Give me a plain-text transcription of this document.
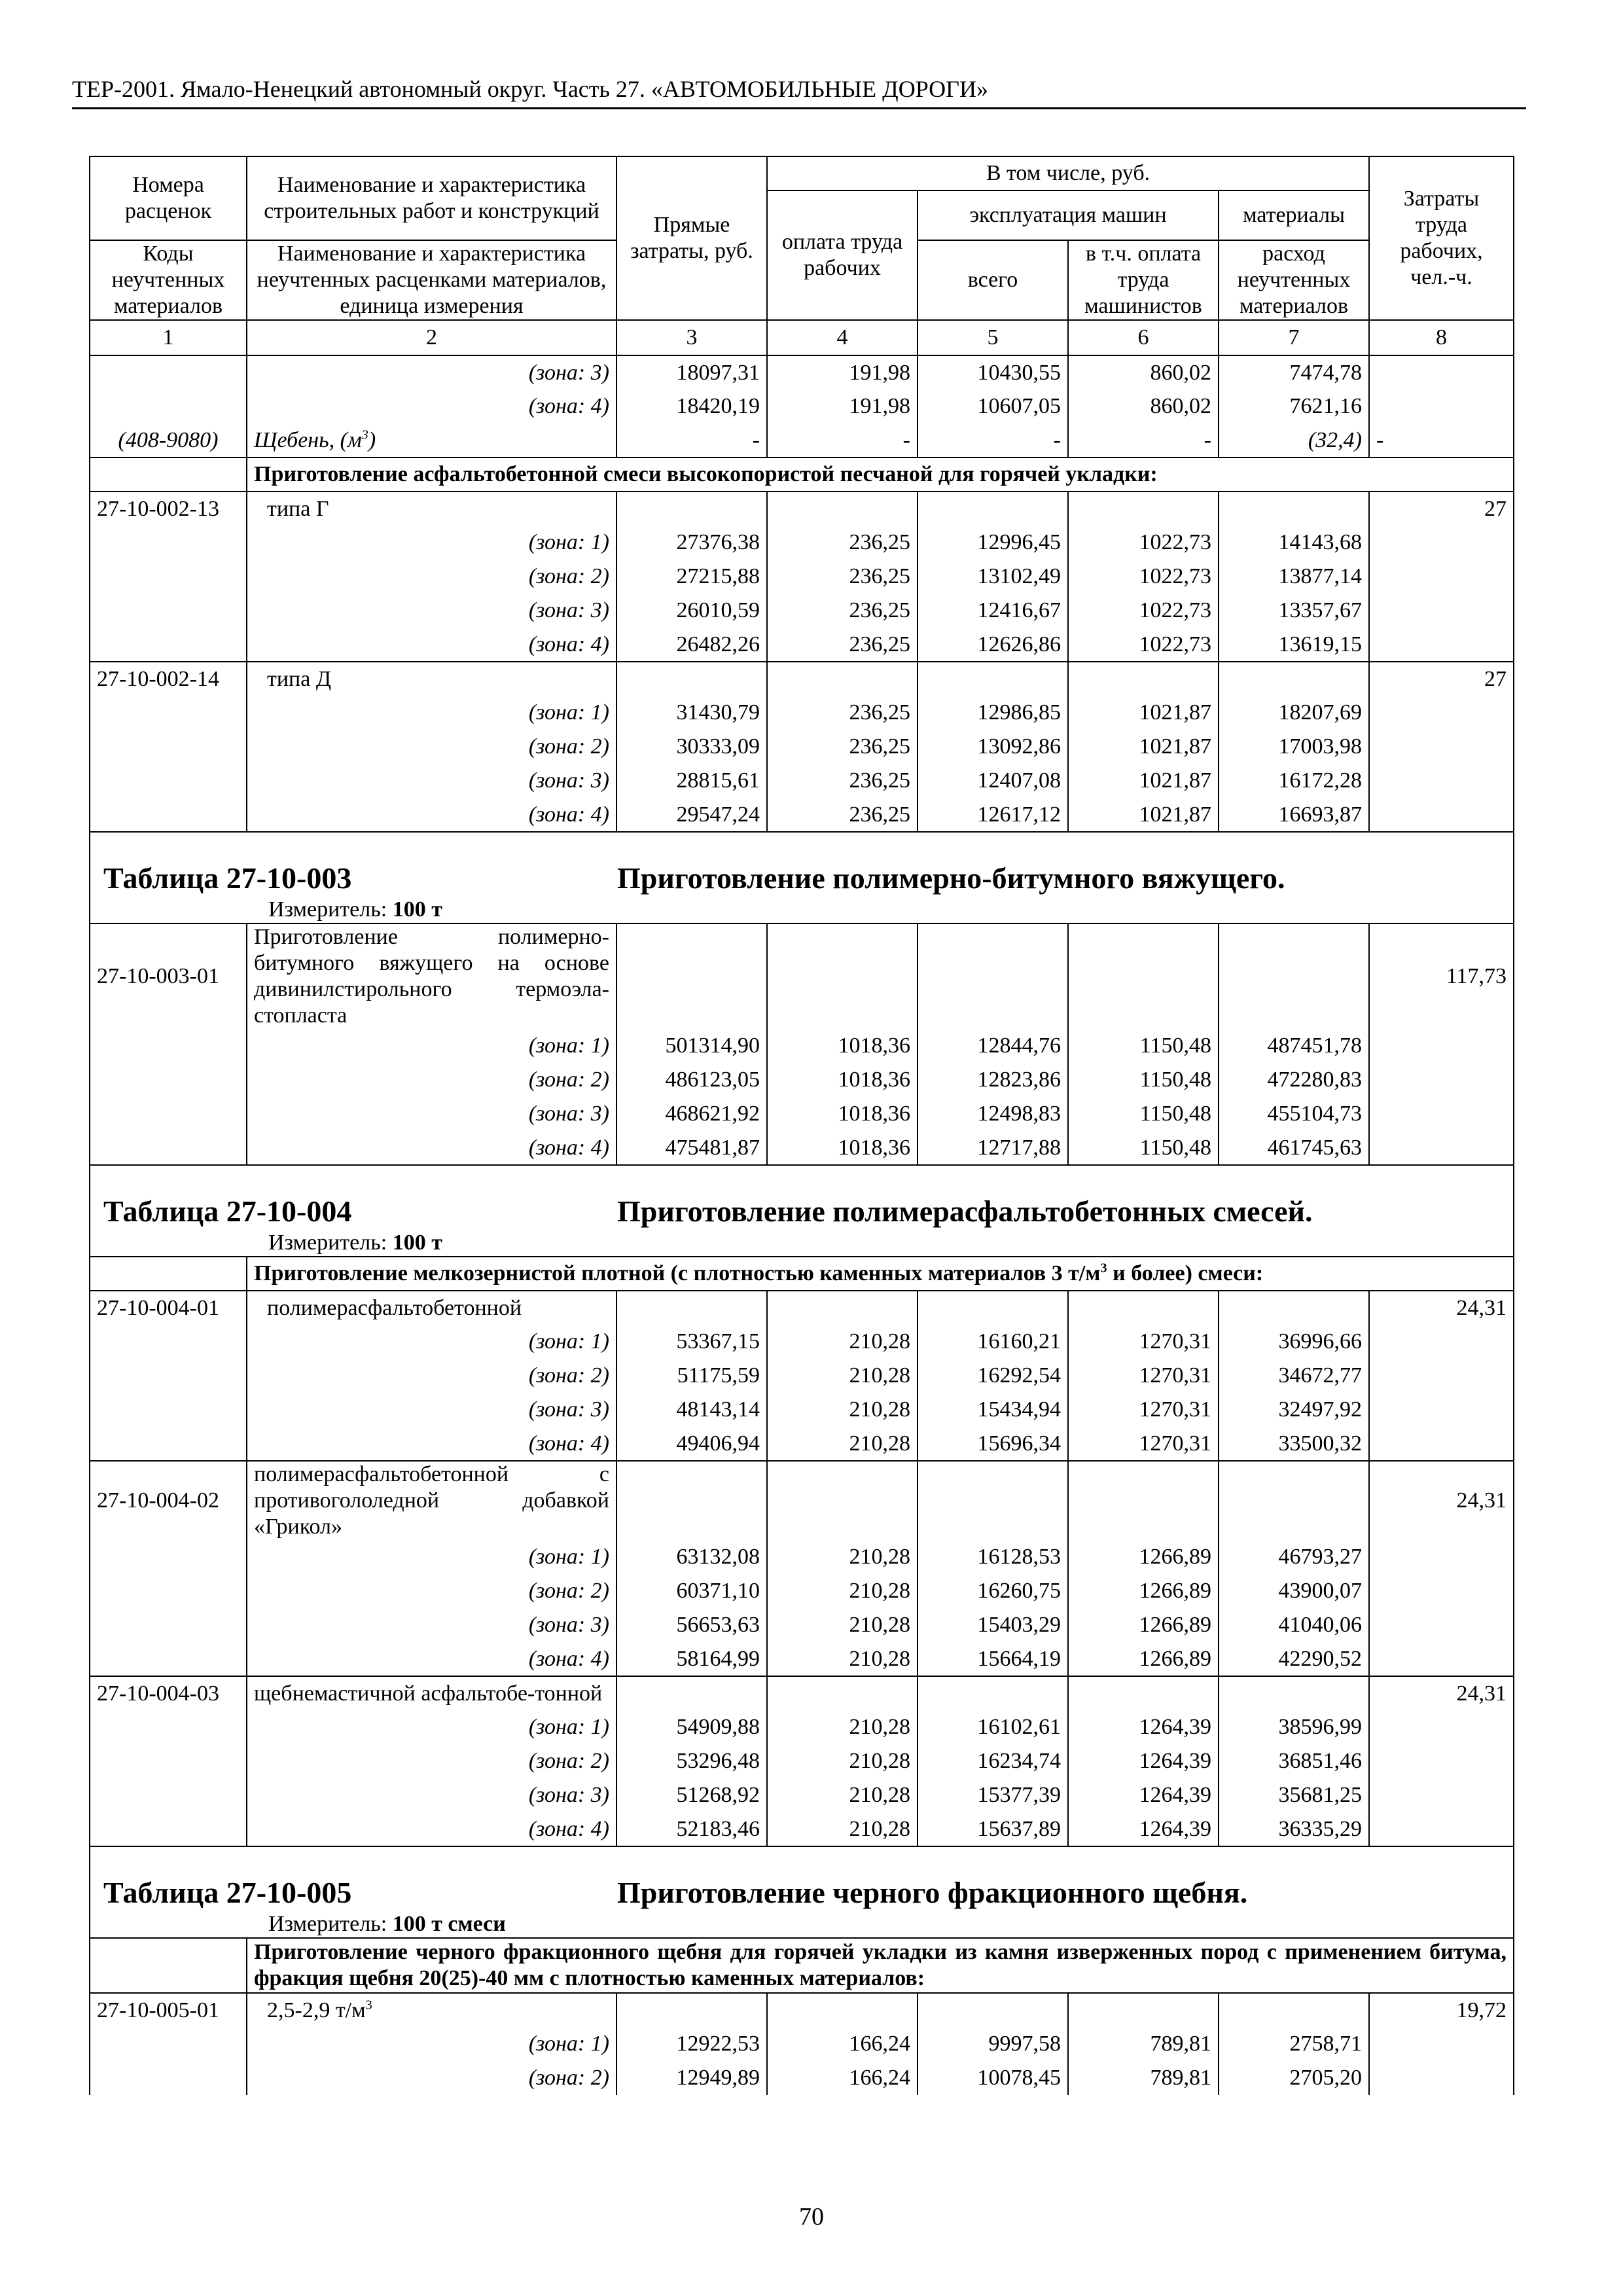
ТЕР-2001. Ямало-Ненецкий автономный округ. Часть 27. «АВТОМОБИЛЬНЫЕ ДОРОГИ»
Номера расценок	Наименование и характеристика строительных работ и конструкций	Прямые затраты, руб.	В том числе, руб.				Затраты труда рабочих, чел.-ч.
			оплата труда рабочих	эксплуатация машин		материалы	
Коды неучтенных материалов	Наименование и характеристика неучтенных расценками материалов, единица измерения			всего	в т.ч. оплата труда машинистов	расход неучтенных материалов	
1	2	3	4	5	6	7	8
	(зона: 3)	18097,31	191,98	10430,55	860,02	7474,78	
	(зона: 4)	18420,19	191,98	10607,05	860,02	7621,16	
(408-9080)	Щебень, $(м^3)$	-	-	-	-	(32,4)	-
	Приготовление асфальтобетонной смеси высокопористой песчаной для горячей укладки:						
27-10-002-13	типа Г						27
	(зона: 1)	27376,38	236,25	12996,45	1022,73	14143,68	
	(зона: 2)	27215,88	236,25	13102,49	1022,73	13877,14	
	(зона: 3)	26010,59	236,25	12416,67	1022,73	13357,67	
	(зона: 4)	26482,26	236,25	12626,86	1022,73	13619,15	
27-10-002-14	типа Д						27
	(зона: 1)	31430,79	236,25	12986,85	1021,87	18207,69	
	(зона: 2)	30333,09	236,25	13092,86	1021,87	17003,98	
	(зона: 3)	28815,61	236,25	12407,08	1021,87	16172,28	
	(зона: 4)	29547,24	236,25	12617,12	1021,87	16693,87	

Таблица 27-10-003 Приготовление полимерно-битумного вяжущего.
Измеритель: 100 т							

27-10-003-01	Приготовление полимерно-битумного вяжущего на основе дивинилстирольного термоэла-стопласта						117,73
	(зона: 1)	501314,90	1018,36	12844,76	1150,48	487451,78	
	(зона: 2)	486123,05	1018,36	12823,86	1150,48	472280,83	
	(зона: 3)	468621,92	1018,36	12498,83	1150,48	455104,73	
	(зона: 4)	475481,87	1018,36	12717,88	1150,48	461745,63	

Таблица 27-10-004 Приготовление полимерасфальтобетонных смесей.
Измеритель: 100 т							

	Приготовление мелкозернистой плотной (с плотностью каменных материалов 3 $т/м^3$ и более) смеси:						
27-10-004-01	полимерасфальтобетонной						24,31
	(зона: 1)	53367,15	210,28	16160,21	1270,31	36996,66	
	(зона: 2)	51175,59	210,28	16292,54	1270,31	34672,77	
	(зона: 3)	48143,14	210,28	15434,94	1270,31	32497,92	
	(зона: 4)	49406,94	210,28	15696,34	1270,31	33500,32	
27-10-004-02	полимерасфальтобетонной с противогололедной добавкой «Грикол»						24,31
	(зона: 1)	63132,08	210,28	16128,53	1266,89	46793,27	
	(зона: 2)	60371,10	210,28	16260,75	1266,89	43900,07	
	(зона: 3)	56653,63	210,28	15403,29	1266,89	41040,06	
	(зона: 4)	58164,99	210,28	15664,19	1266,89	42290,52	
27-10-004-03	щебнемастичной асфальтобе-тонной						24,31
	(зона: 1)	54909,88	210,28	16102,61	1264,39	38596,99	
	(зона: 2)	53296,48	210,28	16234,74	1264,39	36851,46	
	(зона: 3)	51268,92	210,28	15377,39	1264,39	35681,25	
	(зона: 4)	52183,46	210,28	15637,89	1264,39	36335,29	

Таблица 27-10-005 Приготовление черного фракционного щебня.
Измеритель: 100 т смеси							

	Приготовление черного фракционного щебня для горячей укладки из камня изверженных пород с применением битума, фракция щебня 20(25)-40 мм с плотностью каменных материалов:						
27-10-005-01	2,5-2,9 $т/м^3$						19,72
	(зона: 1)	12922,53	166,24	9997,58	789,81	2758,71	
	(зона: 2)	12949,89	166,24	10078,45	789,81	2705,20	
70
